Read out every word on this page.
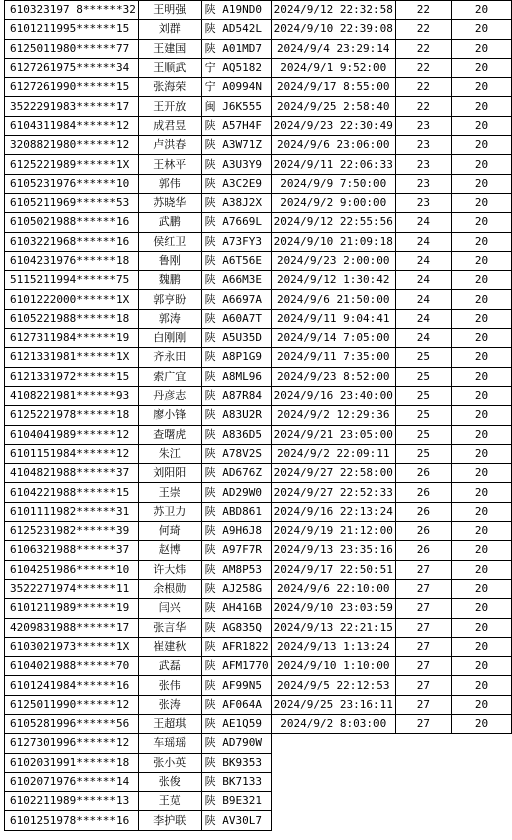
610323197 8******32	王明强	陕 A19ND0	2024/9/12 22:32:58	22	20
6101211995******15	刘群	陕 AD542L	2024/9/10 22:39:08	22	20
6125011980******77	王建国	陕 A01MD7	2024/9/4 23:29:14	22	20
6127261975******34	王顺武	宁 AQ5182	2024/9/1 9:52:00	22	20
6127261990******15	张海荣	宁 A0994N	2024/9/17 8:55:00	22	20
3522291983******17	王开放	闽 J6K555	2024/9/25 2:58:40	22	20
6104311984******12	成君昱	陕 A57H4F	2024/9/23 22:30:49	23	20
3208821980******12	卢洪春	陕 A3W71Z	2024/9/6 23:06:00	23	20
6125221989******1X	王林平	陕 A3U3Y9	2024/9/11 22:06:33	23	20
6105231976******10	郭伟	陕 A3C2E9	2024/9/9 7:50:00	23	20
6105211969******53	苏晓华	陕 A38J2X	2024/9/2 9:00:00	23	20
6105021988******16	武鹏	陕 A7669L	2024/9/12 22:55:56	24	20
6103221968******16	侯红卫	陕 A73FY3	2024/9/10 21:09:18	24	20
6104231976******18	鲁刚	陕 A6T56E	2024/9/23 2:00:00	24	20
5115211994******75	魏鹏	陕 A66M3E	2024/9/12 1:30:42	24	20
6101222000******1X	郭亨盼	陕 A6697A	2024/9/6 21:50:00	24	20
6105221988******18	郭涛	陕 A60A7T	2024/9/11 9:04:41	24	20
6127311984******19	白刚刚	陕 A5U35D	2024/9/14 7:05:00	24	20
6121331981******1X	齐永田	陕 A8P1G9	2024/9/11 7:35:00	25	20
6121331972******15	索广宜	陕 A8ML96	2024/9/23 8:52:00	25	20
4108221981******93	丹彦志	陕 A87R84	2024/9/16 23:40:00	25	20
6125221978******18	廖小锋	陕 A83U2R	2024/9/2 12:29:36	25	20
6104041989******12	查曙虎	陕 A836D5	2024/9/21 23:05:00	25	20
6101151984******12	朱江	陕 A78V2S	2024/9/2 22:09:11	25	20
4104821988******37	刘阳阳	陕 AD676Z	2024/9/27 22:58:00	26	20
6104221988******15	王崇	陕 AD29W0	2024/9/27 22:52:33	26	20
6101111982******31	苏卫力	陕 ABD861	2024/9/16 22:13:24	26	20
6125231982******39	何琦	陕 A9H6J8	2024/9/19 21:12:00	26	20
6106321988******37	赵博	陕 A97F7R	2024/9/13 23:35:16	26	20
6104251986******10	许大炜	陕 AM8P53	2024/9/17 22:50:51	27	20
3522271974******11	余根勋	陕 AJ258G	2024/9/6 22:10:00	27	20
6101211989******19	闫兴	陕 AH416B	2024/9/10 23:03:59	27	20
4209831988******17	张言华	陕 AG835Q	2024/9/13 22:21:15	27	20
6103021973******1X	崔建秋	陕 AFR1822	2024/9/13 1:13:24	27	20
6104021988******70	武磊	陕 AFM1770	2024/9/10 1:10:00	27	20
6101241984******16	张伟	陕 AF99N5	2024/9/5 22:12:53	27	20
6125011990******12	张涛	陕 AF064A	2024/9/25 23:16:11	27	20
6105281996******56	王超琪	陕 AE1Q59	2024/9/2 8:03:00	27	20
6127301996******12	车瑶瑶	陕 AD790W			
6102031991******18	张小英	陕 BK9353			
6102071976******14	张俊	陕 BK7133			
6102211989******13	王苋	陕 B9E321			
6101251978******16	李护联	陕 AV30L7			
